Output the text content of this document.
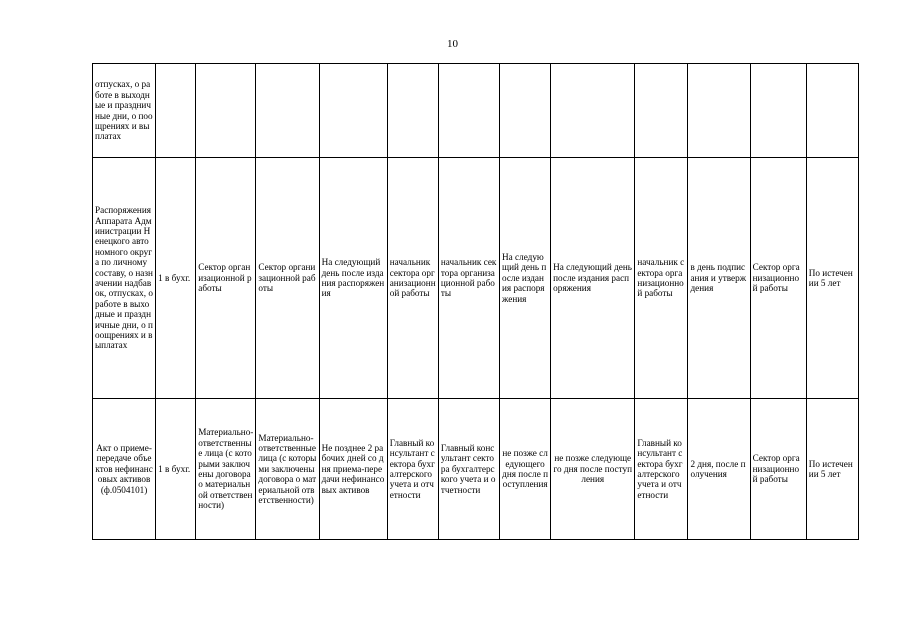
10
отпусках, о работе в выходные и праздничные дни, о поощрениях и выплатах												
Распоряжения Аппарата Администрации Ненецкого автономного округа по личному составу, о назначении надбавок, отпусках, о работе в выходные и праздничные дни, о поощрениях и выплатах	1 в бухг.	Сектор организационной работы	Сектор организационной работы	На следующий день после издания распоряжения	начальник сектора организационной работы	начальник сектора организационной работы	На следующий день после издания распоряжения	На следующий день после издания распоряжения	начальник сектора организационной работы	в день подписания и утверждения	Сектор организационной работы	По истечении 5 лет
Акт о приеме-передаче объектов нефинансовых активов (ф.0504101)	1 в бухг.	Материально-ответственные лица (с которыми заключены договора о материальной ответственности)	Материально-ответственные лица (с которыми заключены договора о материальной ответственности)	Не позднее 2 рабочих дней со дня приема-передачи нефинансовых активов	Главный консультант сектора бухгалтерского учета и отчетности	Главный консультант сектора бухгалтерского учета и отчетности	не позже следующего дня после поступления	не позже следующего дня после поступления	Главный консультант сектора бухгалтерского учета и отчетности	2 дня, после получения	Сектор организационной работы	По истечении 5 лет
